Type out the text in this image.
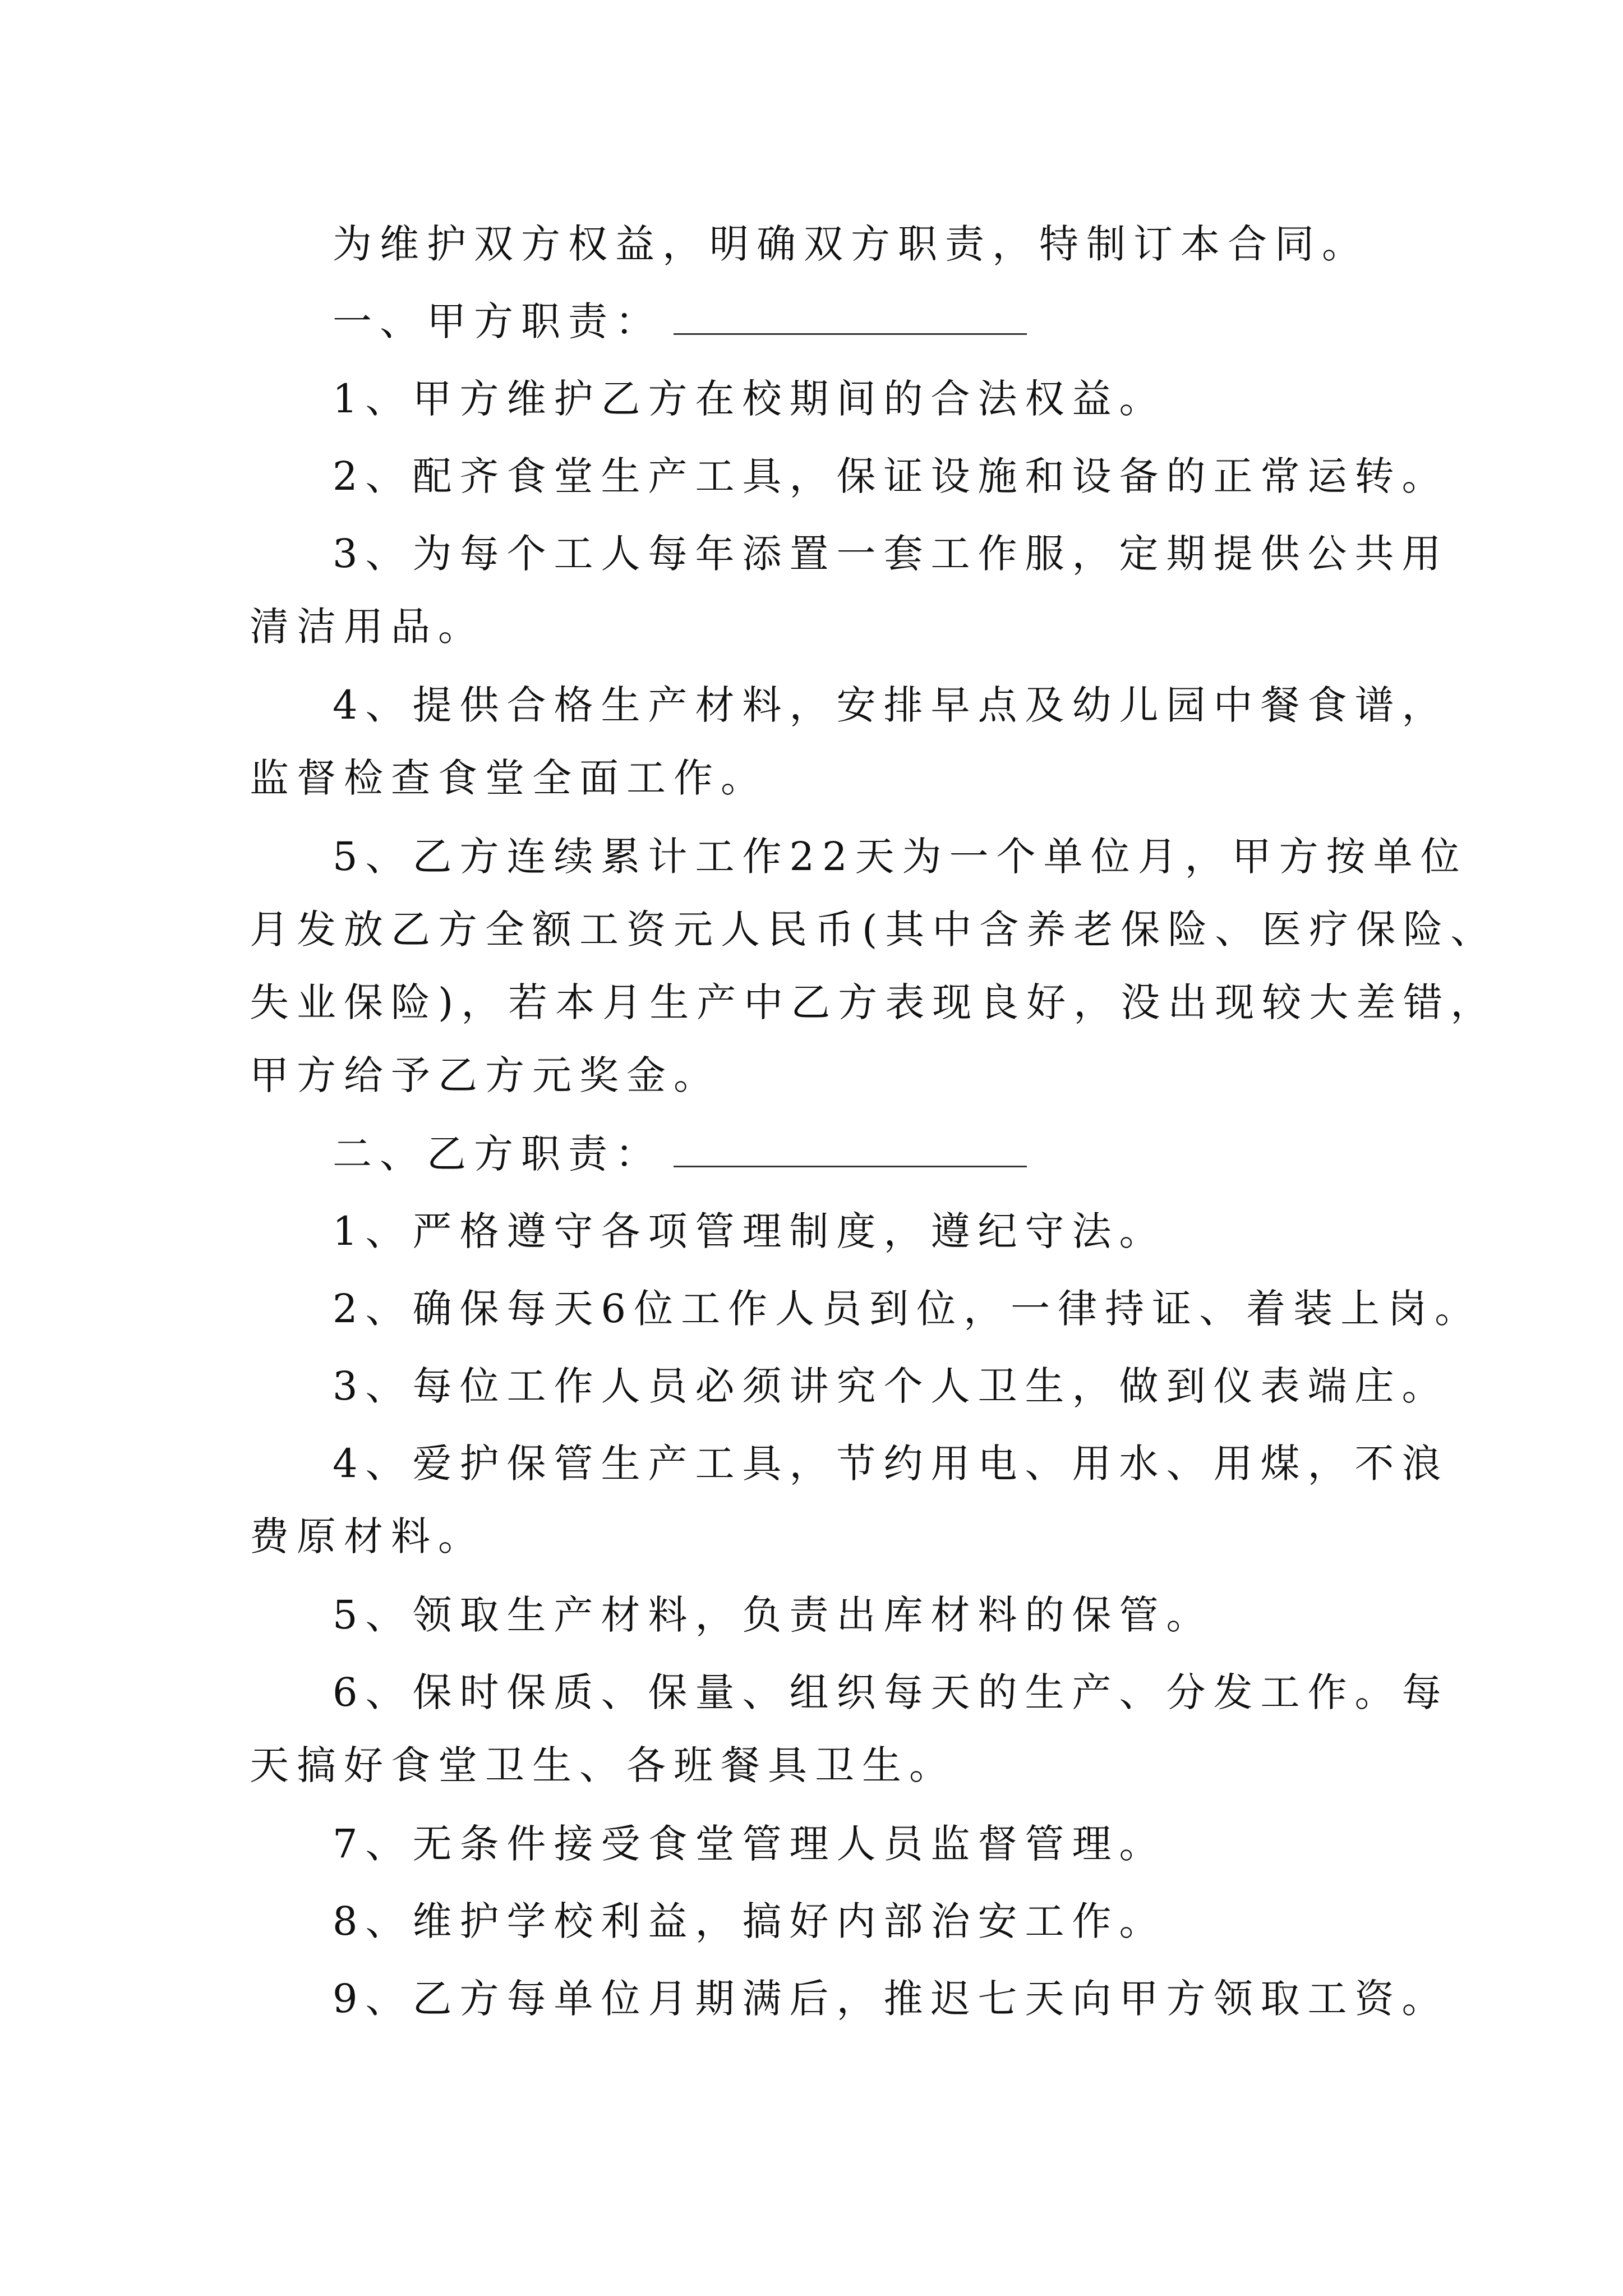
为维护双方权益，明确双方职责，特制订本合同。
一、甲方职责：
1、甲方维护乙方在校期间的合法权益。
2、配齐食堂生产工具，保证设施和设备的正常运转。
3、为每个工人每年添置一套工作服，定期提供公共用
清洁用品。
4、提供合格生产材料，安排早点及幼儿园中餐食谱，
监督检查食堂全面工作。
5、乙方连续累计工作22天为一个单位月，甲方按单位
月发放乙方全额工资元人民币(其中含养老保险、医疗保险、
失业保险)，若本月生产中乙方表现良好，没出现较大差错，
甲方给予乙方元奖金。
二、乙方职责：
1、严格遵守各项管理制度，遵纪守法。
2、确保每天6位工作人员到位，一律持证、着装上岗。
3、每位工作人员必须讲究个人卫生，做到仪表端庄。
4、爱护保管生产工具，节约用电、用水、用煤，不浪
费原材料。
5、领取生产材料，负责出库材料的保管。
6、保时保质、保量、组织每天的生产、分发工作。每
天搞好食堂卫生、各班餐具卫生。
7、无条件接受食堂管理人员监督管理。
8、维护学校利益，搞好内部治安工作。
9、乙方每单位月期满后，推迟七天向甲方领取工资。
